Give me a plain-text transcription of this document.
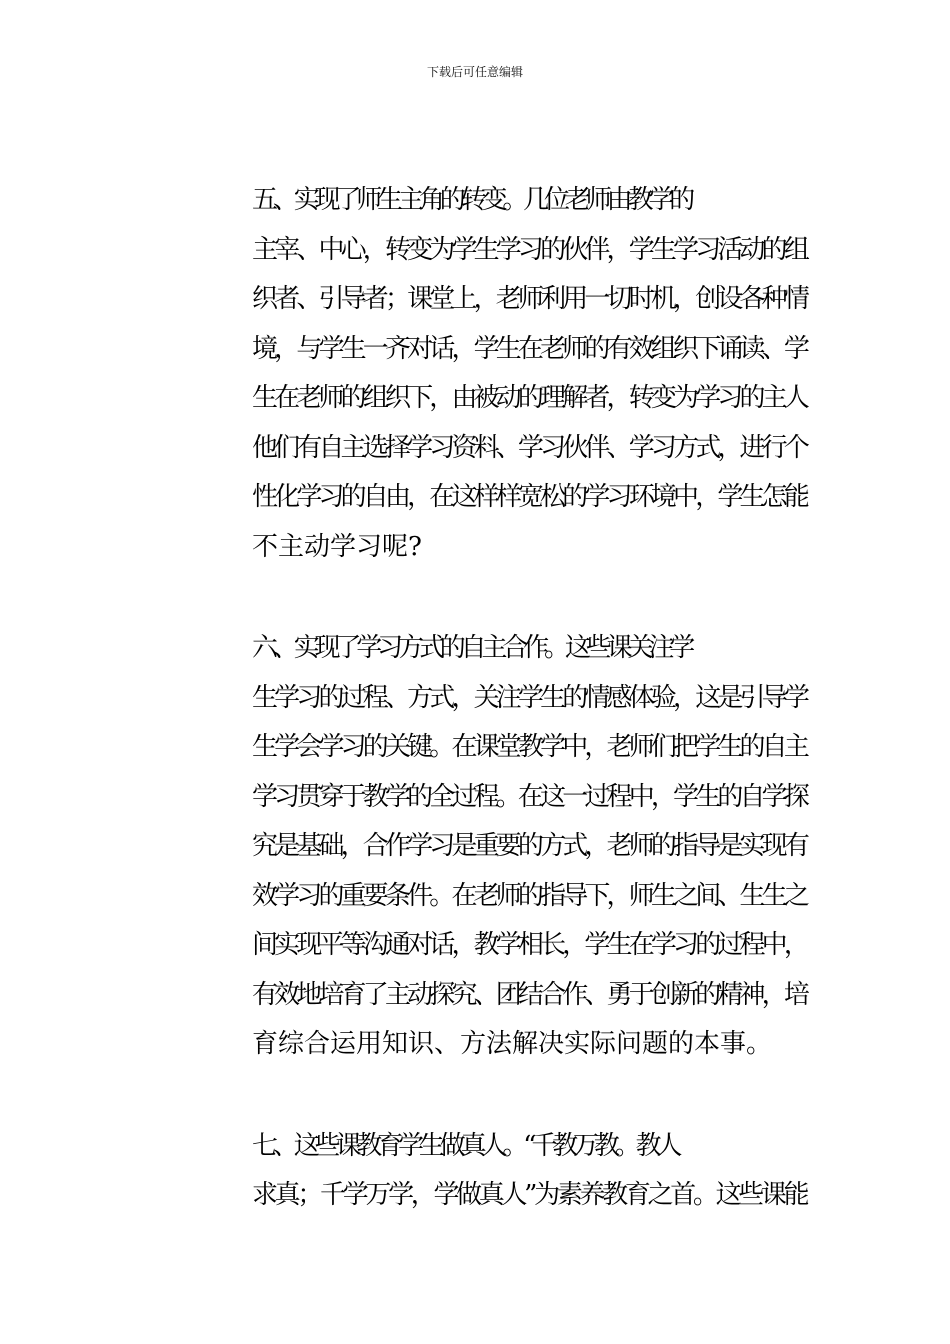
下载后可任意编辑

五、实现了师生主角的转变。几位老师由教学的
主宰、中心，转变为学生学习的伙伴，学生学习活动的组
织者、引导者；课堂上，老师利用一切时机，创设各种情
境，与学生一齐对话，学生在老师的有效组织下诵读、学
生在老师的组织下，由被动的理解者，转变为学习的主人
他们有自主选择学习资料、学习伙伴、学习方式，进行个
性化学习的自由，在这样样宽松的学习环境中，学生怎能
不主动学习呢?

六、实现了学习方式的自主合作。这些课关注学
生学习的过程、方式，关注学生的情感体验，这是引导学
生学会学习的关键。在课堂教学中，老师们把学生的自主
学习贯穿于教学的全过程。在这一过程中，学生的自学探
究是基础，合作学习是重要的方式，老师的指导是实现有
效学习的重要条件。在老师的指导下，师生之间、生生之
间实现平等沟通对话，教学相长，学生在学习的过程中，
有效地培育了主动探究、团结合作、勇于创新的精神，培
育综合运用知识、方法解决实际问题的本事。

七、这些课教育学生做真人。“千教万教。教人
求真；千学万学，学做真人”为素养教育之首。这些课能
